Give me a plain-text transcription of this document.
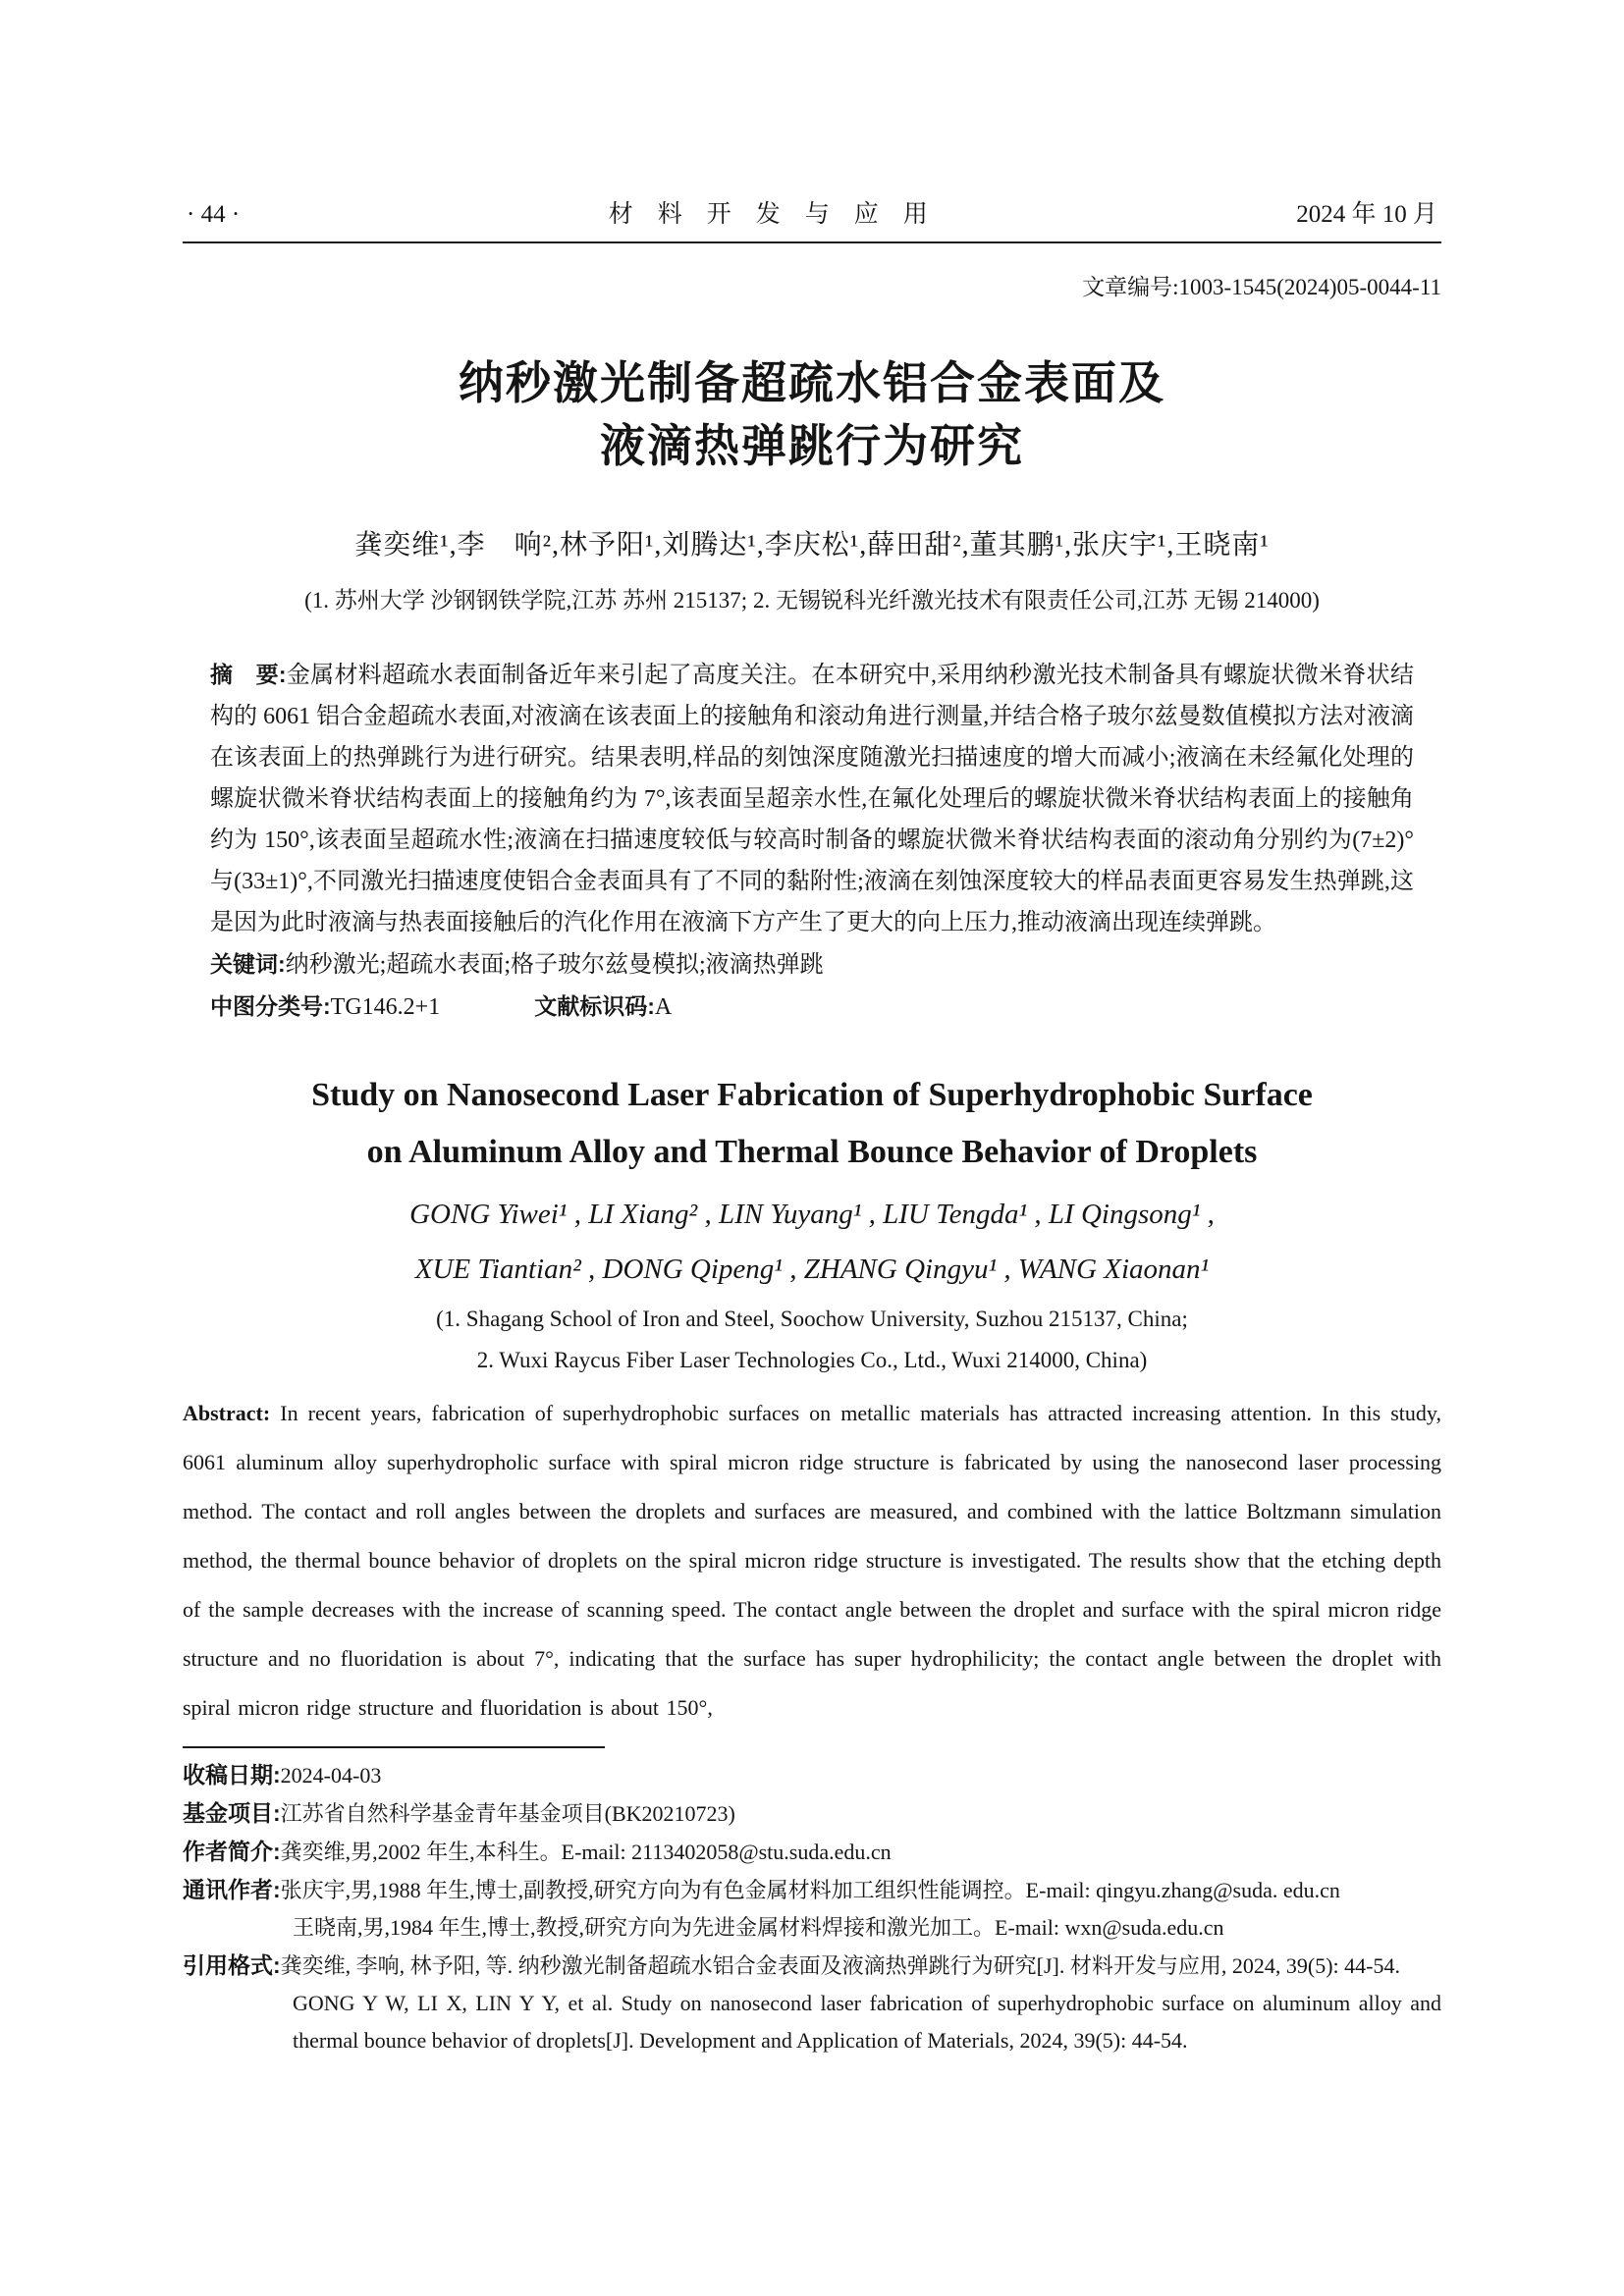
· 44 ·	材　料　开　发　与　应　用	2024 年 10 月
文章编号:1003-1545(2024)05-0044-11
纳秒激光制备超疏水铝合金表面及
液滴热弹跳行为研究
龚奕维¹,李　响²,林予阳¹,刘腾达¹,李庆松¹,薛田甜²,董其鹏¹,张庆宇¹,王晓南¹
(1. 苏州大学 沙钢钢铁学院,江苏 苏州 215137; 2. 无锡锐科光纤激光技术有限责任公司,江苏 无锡 214000)

摘　要:金属材料超疏水表面制备近年来引起了高度关注。在本研究中,采用纳秒激光技术制备具有螺旋状微米脊状结构的 6061 铝合金超疏水表面,对液滴在该表面上的接触角和滚动角进行测量,并结合格子玻尔兹曼数值模拟方法对液滴在该表面上的热弹跳行为进行研究。结果表明,样品的刻蚀深度随激光扫描速度的增大而减小;液滴在未经氟化处理的螺旋状微米脊状结构表面上的接触角约为 7°,该表面呈超亲水性,在氟化处理后的螺旋状微米脊状结构表面上的接触角约为 150°,该表面呈超疏水性;液滴在扫描速度较低与较高时制备的螺旋状微米脊状结构表面的滚动角分别约为(7±2)°与(33±1)°,不同激光扫描速度使铝合金表面具有了不同的黏附性;液滴在刻蚀深度较大的样品表面更容易发生热弹跳,这是因为此时液滴与热表面接触后的汽化作用在液滴下方产生了更大的向上压力,推动液滴出现连续弹跳。

关键词:纳秒激光;超疏水表面;格子玻尔兹曼模拟;液滴热弹跳

中图分类号:TG146.2+1	文献标识码:A

Study on Nanosecond Laser Fabrication of Superhydrophobic Surface
on Aluminum Alloy and Thermal Bounce Behavior of Droplets
GONG Yiwei¹ , LI Xiang² , LIN Yuyang¹ , LIU Tengda¹ , LI Qingsong¹ ,
XUE Tiantian² , DONG Qipeng¹ , ZHANG Qingyu¹ , WANG Xiaonan¹
(1. Shagang School of Iron and Steel, Soochow University, Suzhou 215137, China;
2. Wuxi Raycus Fiber Laser Technologies Co., Ltd., Wuxi 214000, China)

Abstract: In recent years, fabrication of superhydrophobic surfaces on metallic materials has attracted increasing attention. In this study, 6061 aluminum alloy superhydropholic surface with spiral micron ridge structure is fabricated by using the nanosecond laser processing method. The contact and roll angles between the droplets and surfaces are measured, and combined with the lattice Boltzmann simulation method, the thermal bounce behavior of droplets on the spiral micron ridge structure is investigated. The results show that the etching depth of the sample decreases with the increase of scanning speed. The contact angle between the droplet and surface with the spiral micron ridge structure and no fluoridation is about 7°, indicating that the surface has super hydrophilicity; the contact angle between the droplet with spiral micron ridge structure and fluoridation is about 150°,

收稿日期:2024-04-03

基金项目:江苏省自然科学基金青年基金项目(BK20210723)

作者简介:龚奕维,男,2002 年生,本科生。E-mail: 2113402058@stu.suda.edu.cn

通讯作者:张庆宇,男,1988 年生,博士,副教授,研究方向为有色金属材料加工组织性能调控。E-mail: qingyu.zhang@suda. edu.cn

王晓南,男,1984 年生,博士,教授,研究方向为先进金属材料焊接和激光加工。E-mail: wxn@suda.edu.cn

引用格式:龚奕维, 李响, 林予阳, 等. 纳秒激光制备超疏水铝合金表面及液滴热弹跳行为研究[J]. 材料开发与应用, 2024, 39(5): 44-54.

GONG Y W, LI X, LIN Y Y, et al. Study on nanosecond laser fabrication of superhydrophobic surface on aluminum alloy and thermal bounce behavior of droplets[J]. Development and Application of Materials, 2024, 39(5): 44-54.
